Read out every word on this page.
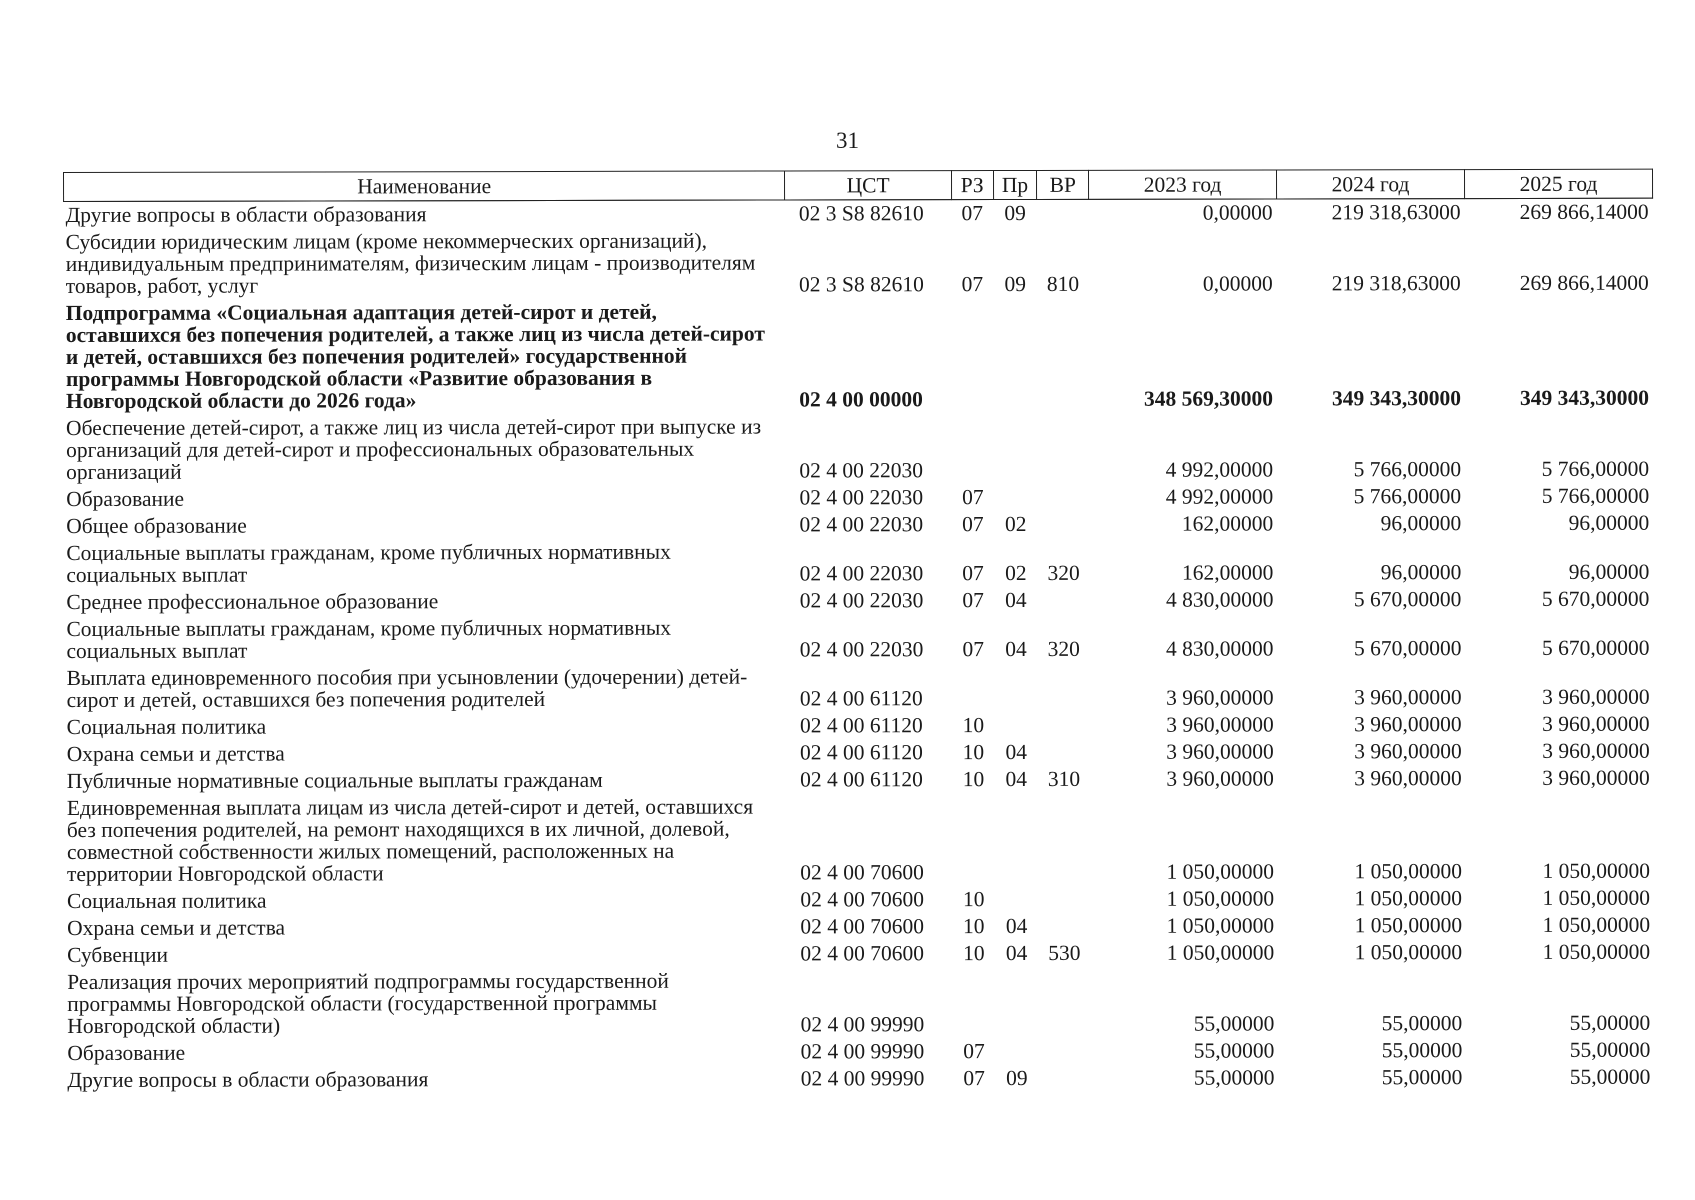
31
Наименование	ЦСТ	РЗ	Пр	ВР	2023 год	2024 год	2025 год
Другие вопросы в области образования	02 3 S8 82610	07	09		0,00000	219 318,63000	269 866,14000
Субсидии юридическим лицам (кроме некоммерческих организаций), индивидуальным предпринимателям, физическим лицам - производителям товаров, работ, услуг	02 3 S8 82610	07	09	810	0,00000	219 318,63000	269 866,14000
Подпрограмма «Социальная адаптация детей-сирот и детей, оставшихся без попечения родителей, а также лиц из числа детей-сирот и детей, оставшихся без попечения родителей» государственной программы Новгородской области «Развитие образования в Новгородской области до 2026 года»	02 4 00 00000				348 569,30000	349 343,30000	349 343,30000
Обеспечение детей-сирот, а также лиц из числа детей-сирот при выпуске из организаций для детей-сирот и профессиональных образовательных организаций	02 4 00 22030				4 992,00000	5 766,00000	5 766,00000
Образование	02 4 00 22030	07			4 992,00000	5 766,00000	5 766,00000
Общее образование	02 4 00 22030	07	02		162,00000	96,00000	96,00000
Социальные выплаты гражданам, кроме публичных нормативных социальных выплат	02 4 00 22030	07	02	320	162,00000	96,00000	96,00000
Среднее профессиональное образование	02 4 00 22030	07	04		4 830,00000	5 670,00000	5 670,00000
Социальные выплаты гражданам, кроме публичных нормативных социальных выплат	02 4 00 22030	07	04	320	4 830,00000	5 670,00000	5 670,00000
Выплата единовременного пособия при усыновлении (удочерении) детей-сирот и детей, оставшихся без попечения родителей	02 4 00 61120				3 960,00000	3 960,00000	3 960,00000
Социальная политика	02 4 00 61120	10			3 960,00000	3 960,00000	3 960,00000
Охрана семьи и детства	02 4 00 61120	10	04		3 960,00000	3 960,00000	3 960,00000
Публичные нормативные социальные выплаты гражданам	02 4 00 61120	10	04	310	3 960,00000	3 960,00000	3 960,00000
Единовременная выплата лицам из числа детей-сирот и детей, оставшихся без попечения родителей, на ремонт находящихся в их личной, долевой, совместной собственности жилых помещений, расположенных на территории Новгородской области	02 4 00 70600				1 050,00000	1 050,00000	1 050,00000
Социальная политика	02 4 00 70600	10			1 050,00000	1 050,00000	1 050,00000
Охрана семьи и детства	02 4 00 70600	10	04		1 050,00000	1 050,00000	1 050,00000
Субвенции	02 4 00 70600	10	04	530	1 050,00000	1 050,00000	1 050,00000
Реализация прочих мероприятий подпрограммы государственной программы Новгородской области (государственной программы Новгородской области)	02 4 00 99990				55,00000	55,00000	55,00000
Образование	02 4 00 99990	07			55,00000	55,00000	55,00000
Другие вопросы в области образования	02 4 00 99990	07	09		55,00000	55,00000	55,00000
